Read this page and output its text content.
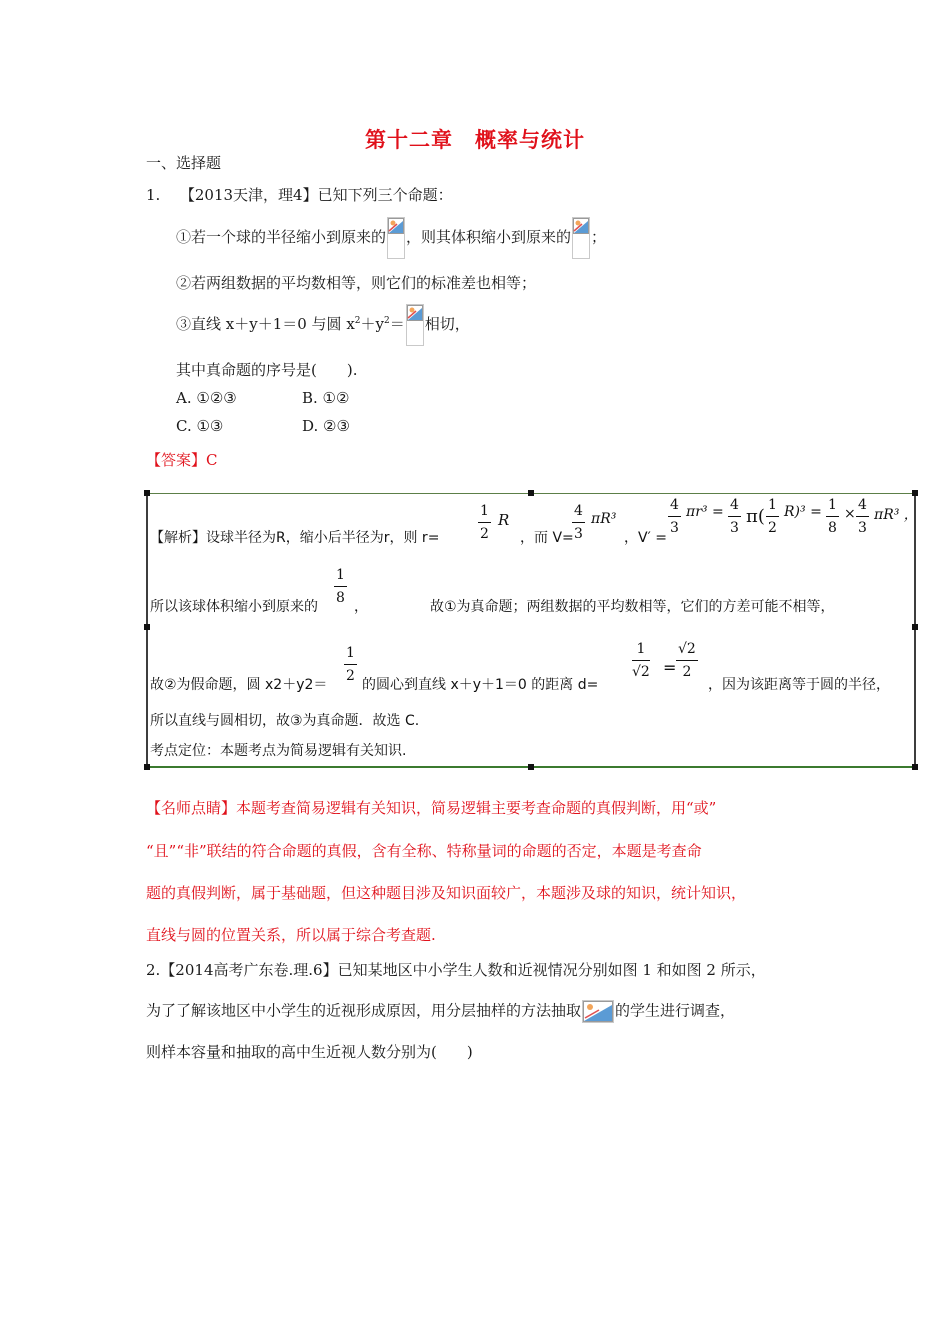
第十二章　概率与统计
一、选择题
1. 【2013天津，理4】已知下列三个命题：
①若一个球的半径缩小到原来的 ，则其体积缩小到原来的 ；
②若两组数据的平均数相等，则它们的标准差也相等；
③直线 x＋y＋1＝0 与圆 $x^2+y^2=$ 相切，
其中真命题的序号是(　　).
A. ①②③	B. ①②
C. ①③	D. ②③
【答案】C
【解析】设球半径为R，缩小后半径为r，则 r=	$\frac{1}{2}$ R
，而 V=
$\frac{4}{3} \pi R^3$
，$V' = \frac{4}{3} \pi r^3 = \frac{4}{3} \pi( \frac{1}{2} R)^3 = \frac{1}{8} \times \frac{4}{3} \pi R^3$ ，
所以该球体积缩小到原来的 $\frac{1}{8}$ ，	故①为真命题；两组数据的平均数相等，它们的方差可能不相等，
故②为假命题，圆 $x2+y2= \frac{1}{2}$ 的圆心到直线 x＋y＋1＝0 的距离 d=
$\frac{1}{√2} = \frac{√2}{2}$
，因为该距离等于圆的半径，
所以直线与圆相切，故③为真命题．故选 C.
考点定位：本题考点为简易逻辑有关知识.
【名师点睛】本题考查简易逻辑有关知识，简易逻辑主要考查命题的真假判断，用“或”
“且”“非”联结的符合命题的真假，含有全称、特称量词的命题的否定，本题是考查命
题的真假判断，属于基础题，但这种题目涉及知识面较广，本题涉及球的知识，统计知识，
直线与圆的位置关系，所以属于综合考查题.
2.【2014高考广东卷.理.6】已知某地区中小学生人数和近视情况分别如图 1 和如图 2 所示，
为了了解该地区中小学生的近视形成原因，用分层抽样的方法抽取 的学生进行调查，
则样本容量和抽取的高中生近视人数分别为(　　)
